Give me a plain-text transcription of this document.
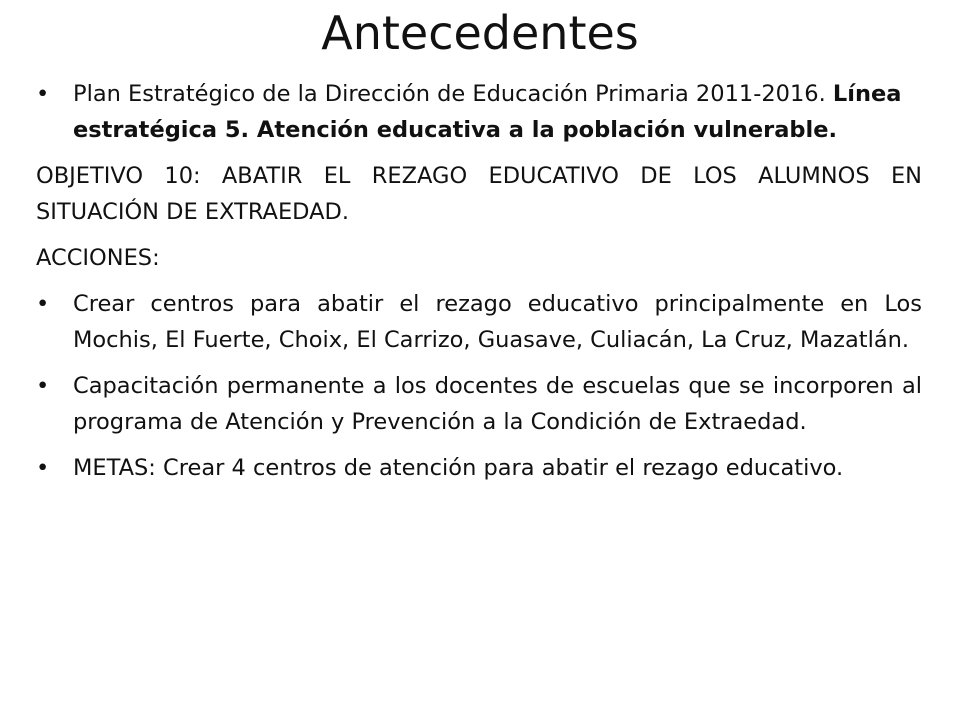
Antecedentes

• Plan Estratégico de la Dirección de Educación Primaria 2011-2016. Línea estratégica 5. Atención educativa a la población vulnerable.

OBJETIVO 10: ABATIR EL REZAGO EDUCATIVO DE LOS ALUMNOS EN SITUACIÓN DE EXTRAEDAD.

ACCIONES:

• Crear centros para abatir el rezago educativo principalmente en Los Mochis, El Fuerte, Choix, El Carrizo, Guasave, Culiacán, La Cruz, Mazatlán.

• Capacitación permanente a los docentes de escuelas que se incorporen al programa de Atención y Prevención a la Condición de Extraedad.

• METAS: Crear 4 centros de atención para abatir el rezago educativo.
